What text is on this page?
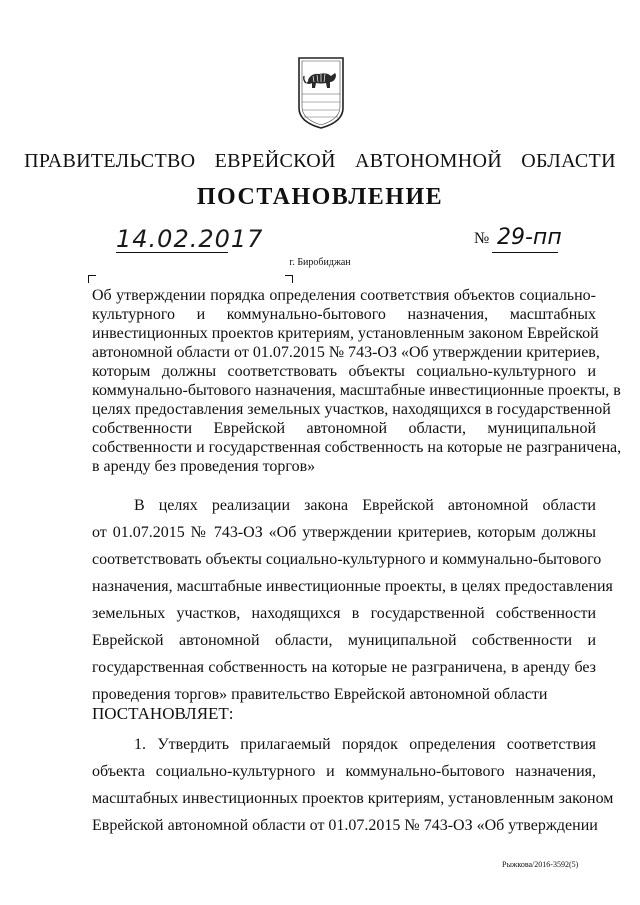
ПРАВИТЕЛЬСТВО ЕВРЕЙСКОЙ АВТОНОМНОЙ ОБЛАСТИ
ПОСТАНОВЛЕНИЕ
14.02.2017	№ 29-пп
г. Биробиджан
Об утверждении порядка определения соответствия объектов социально-
культурного и коммунально-бытового назначения, масштабных
инвестиционных проектов критериям, установленным законом Еврейской
автономной области от 01.07.2015 № 743-ОЗ «Об утверждении критериев,
которым должны соответствовать объекты социально-культурного и
коммунально-бытового назначения, масштабные инвестиционные проекты, в
целях предоставления земельных участков, находящихся в государственной
собственности Еврейской автономной области, муниципальной
собственности и государственная собственность на которые не разграничена,
в аренду без проведения торгов»
В целях реализации закона Еврейской автономной области
от 01.07.2015 № 743-ОЗ «Об утверждении критериев, которым должны
соответствовать объекты социально-культурного и коммунально-бытового
назначения, масштабные инвестиционные проекты, в целях предоставления
земельных участков, находящихся в государственной собственности
Еврейской автономной области, муниципальной собственности и
государственная собственность на которые не разграничена, в аренду без
проведения торгов» правительство Еврейской автономной области
ПОСТАНОВЛЯЕТ:
1. Утвердить прилагаемый порядок определения соответствия
объекта социально-культурного и коммунально-бытового назначения,
масштабных инвестиционных проектов критериям, установленным законом
Еврейской автономной области от 01.07.2015 № 743-ОЗ «Об утверждении
Рыжкова/2016-3592(5)
